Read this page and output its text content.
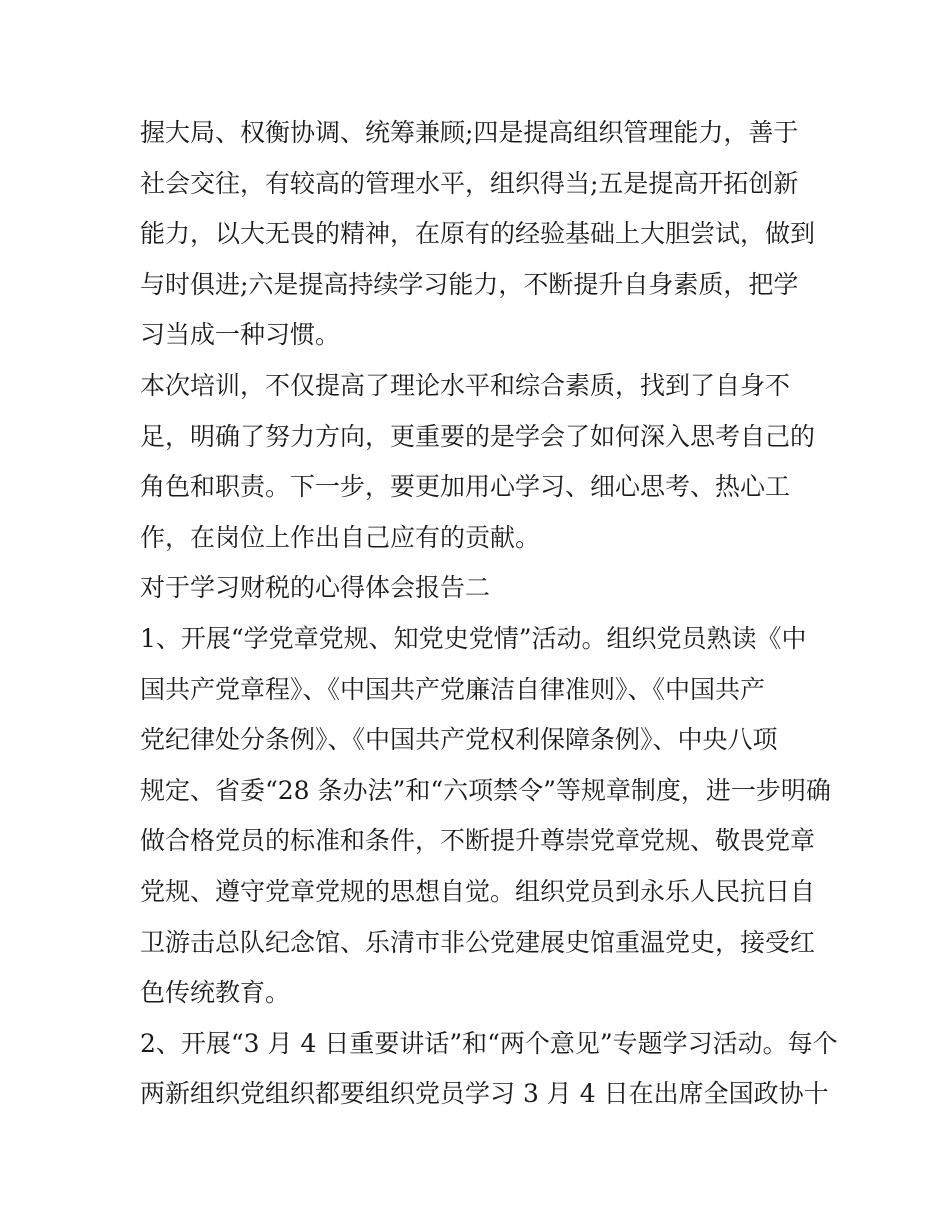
握大局、权衡协调、统筹兼顾;四是提高组织管理能力，善于
社会交往，有较高的管理水平，组织得当;五是提高开拓创新
能力，以大无畏的精神，在原有的经验基础上大胆尝试，做到
与时俱进;六是提高持续学习能力，不断提升自身素质，把学
习当成一种习惯。
本次培训，不仅提高了理论水平和综合素质，找到了自身不
足，明确了努力方向，更重要的是学会了如何深入思考自己的
角色和职责。下一步，要更加用心学习、细心思考、热心工
作，在岗位上作出自己应有的贡献。
对于学习财税的心得体会报告二
1、开展“学党章党规、知党史党情”活动。组织党员熟读《中
国共产党章程》、《中国共产党廉洁自律准则》、《中国共产
党纪律处分条例》、《中国共产党权利保障条例》、中央八项
规定、省委“28 条办法”和“六项禁令”等规章制度，进一步明确
做合格党员的标准和条件，不断提升尊崇党章党规、敬畏党章
党规、遵守党章党规的思想自觉。组织党员到永乐人民抗日自
卫游击总队纪念馆、乐清市非公党建展史馆重温党史，接受红
色传统教育。
2、开展“3 月 4 日重要讲话”和“两个意见”专题学习活动。每个
两新组织党组织都要组织党员学习 3 月 4 日在出席全国政协十
